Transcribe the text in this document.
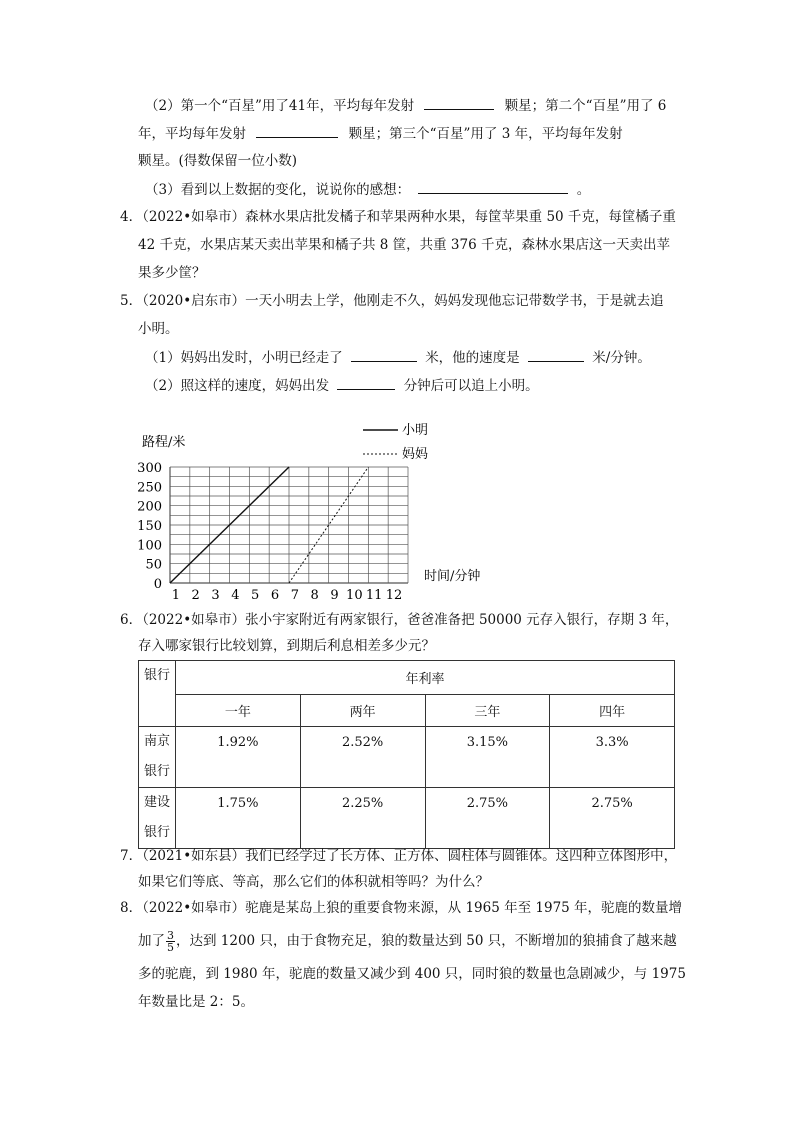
（2）第一个“百星”用了41年，平均每年发射	颗星；第二个“百星”用了 6
年，平均每年发射	颗星；第三个“百星”用了 3 年，平均每年发射
颗星。(得数保留一位小数)
（3）看到以上数据的变化，说说你的感想：	。
4．（2022•如皋市）森林水果店批发橘子和苹果两种水果，每筐苹果重 50 千克，每筐橘子重
42 千克，水果店某天卖出苹果和橘子共 8 筐，共重 376 千克，森林水果店这一天卖出苹
果多少筐？
5．（2020•启东市）一天小明去上学，他刚走不久，妈妈发现他忘记带数学书，于是就去追
小明。
（1）妈妈出发时，小明已经走了	米，他的速度是	米/分钟。
（2）照这样的速度，妈妈出发	分钟后可以追上小明。
0
50
100
150
200
250
300
1 2 3 4 5 6 7 8 9 10 11 12
路程/米
时间/分钟
小明
妈妈
6．（2022•如皋市）张小宇家附近有两家银行，爸爸准备把 50000 元存入银行，存期 3 年，
存入哪家银行比较划算，到期后利息相差多少元？
银行	年利率			
	一年	两年	三年	四年
南京
银行	1.92%	2.52%	3.15%	3.3%
建设
银行	1.75%	2.25%	2.75%	2.75%
7．（2021•如东县）我们已经学过了长方体、正方体、圆柱体与圆锥体。这四种立体图形中，
如果它们等底、等高，那么它们的体积就相等吗？为什么？
8．（2022•如皋市）驼鹿是某岛上狼的重要食物来源，从 1965 年至 1975 年，驼鹿的数量增
加了 $\frac{3}{5}$ ，达到 1200 只，由于食物充足，狼的数量达到 50 只，不断增加的狼捕食了越来越
多的驼鹿，到 1980 年，驼鹿的数量又减少到 400 只，同时狼的数量也急剧减少，与 1975
年数量比是 2：5。
